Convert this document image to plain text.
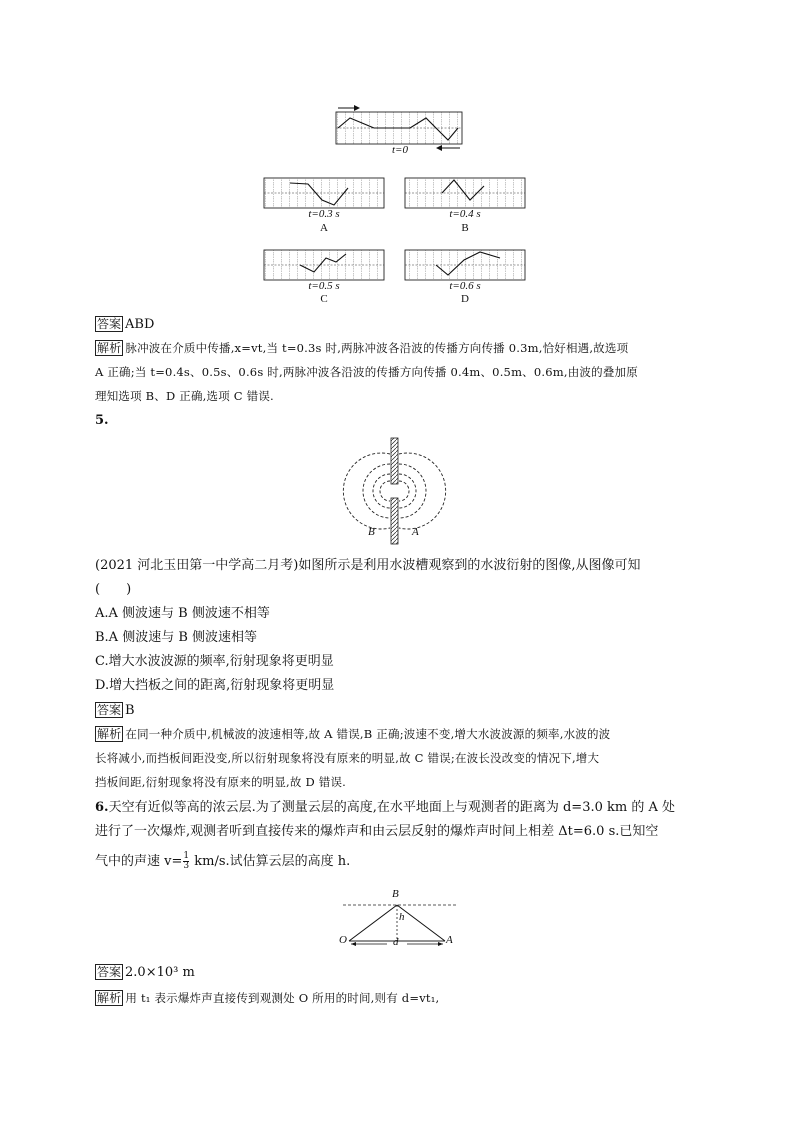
t=0
t=0.3 s
A
t=0.4 s
B
t=0.5 s
C
t=0.6 s
D
答案 ABD
解析 脉冲波在介质中传播,x=vt,当 t=0.3s 时,两脉冲波各沿波的传播方向传播 0.3m,恰好相遇,故选项
A 正确;当 t=0.4s、0.5s、0.6s 时,两脉冲波各沿波的传播方向传播 0.4m、0.5m、0.6m,由波的叠加原
理知选项 B、D 正确,选项 C 错误.
5.
B	A
(2021 河北玉田第一中学高二月考)如图所示是利用水波槽观察到的水波衍射的图像,从图像可知
(　　)
A.A 侧波速与 B 侧波速不相等
B.A 侧波速与 B 侧波速相等
C.增大水波波源的频率,衍射现象将更明显
D.增大挡板之间的距离,衍射现象将更明显
答案 B
解析 在同一种介质中,机械波的波速相等,故 A 错误,B 正确;波速不变,增大水波波源的频率,水波的波
长将减小,而挡板间距没变,所以衍射现象将没有原来的明显,故 C 错误;在波长没改变的情况下,增大
挡板间距,衍射现象将没有原来的明显,故 D 错误.
6.天空有近似等高的浓云层.为了测量云层的高度,在水平地面上与观测者的距离为 d=3.0 km 的 A 处
进行了一次爆炸,观测者听到直接传来的爆炸声和由云层反射的爆炸声时间上相差 Δt=6.0 s.已知空
气中的声速 $v= \frac{1}{3} km/s$.试估算云层的高度 h.
B
h
O	d	A
答案 2.0×10³ m
解析 用 t₁ 表示爆炸声直接传到观测处 O 所用的时间,则有 d=vt₁,
